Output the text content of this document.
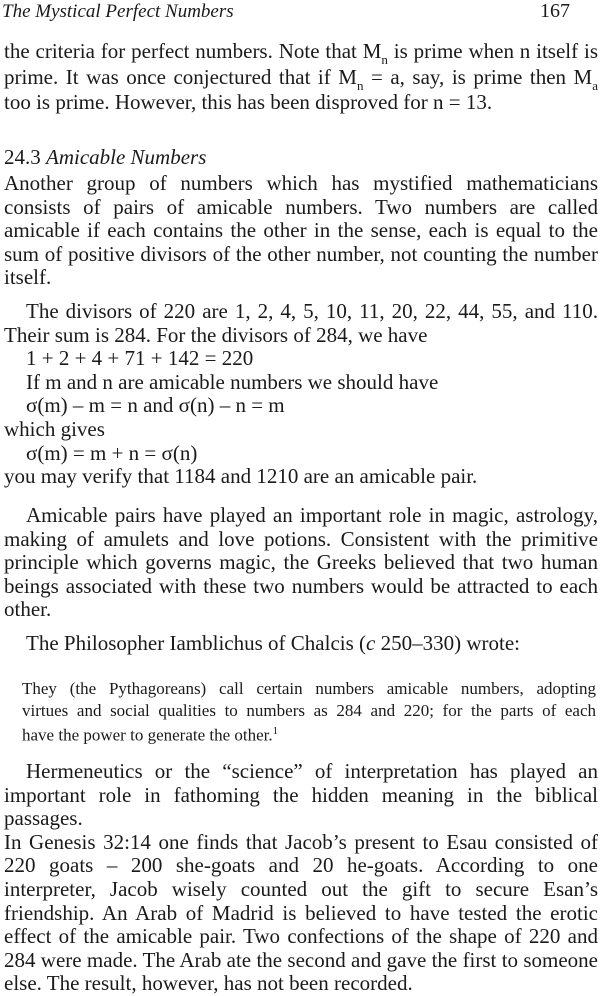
The Mystical Perfect Numbers	167
the criteria for perfect numbers. Note that $M_n$ is prime when n itself is
prime. It was once conjectured that if $M_n = a$, say, is prime then $M_a$
too is prime. However, this has been disproved for n = 13.
24.3 Amicable Numbers
Another group of numbers which has mystified mathematicians
consists of pairs of amicable numbers. Two numbers are called
amicable if each contains the other in the sense, each is equal to the
sum of positive divisors of the other number, not counting the number
itself.
The divisors of 220 are 1, 2, 4, 5, 10, 11, 20, 22, 44, 55, and 110.
Their sum is 284. For the divisors of 284, we have
1 + 2 + 4 + 71 + 142 = 220
If m and n are amicable numbers we should have
σ(m) – m = n and σ(n) – n = m
which gives
σ(m) = m + n = σ(n)
you may verify that 1184 and 1210 are an amicable pair.
Amicable pairs have played an important role in magic, astrology,
making of amulets and love potions. Consistent with the primitive
principle which governs magic, the Greeks believed that two human
beings associated with these two numbers would be attracted to each
other.
The Philosopher Iamblichus of Chalcis (c 250–330) wrote:
They (the Pythagoreans) call certain numbers amicable numbers, adopting
virtues and social qualities to numbers as 284 and 220; for the parts of each
have the power to generate the other.$^1$
Hermeneutics or the “science” of interpretation has played an
important role in fathoming the hidden meaning in the biblical passages.
In Genesis 32:14 one finds that Jacob’s present to Esau consisted of
220 goats – 200 she-goats and 20 he-goats. According to one
interpreter, Jacob wisely counted out the gift to secure Esan’s
friendship. An Arab of Madrid is believed to have tested the erotic
effect of the amicable pair. Two confections of the shape of 220 and
284 were made. The Arab ate the second and gave the first to someone
else. The result, however, has not been recorded.
